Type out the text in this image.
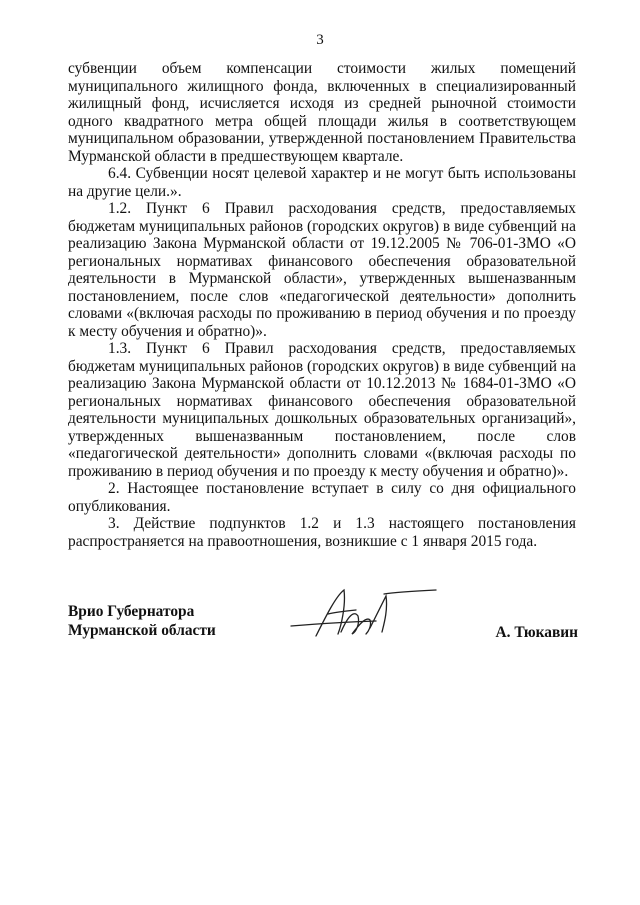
3

субвенции объем компенсации стоимости жилых помещений муниципального жилищного фонда, включенных в специализированный жилищный фонд, исчисляется исходя из средней рыночной стоимости одного квадратного метра общей площади жилья в соответствующем муниципальном образовании, утвержденной постановлением Правительства Мурманской области в предшествующем квартале.

6.4. Субвенции носят целевой характер и не могут быть использованы на другие цели.».

1.2. Пункт 6 Правил расходования средств, предоставляемых бюджетам муниципальных районов (городских округов) в виде субвенций на реализацию Закона Мурманской области от 19.12.2005 № 706-01-ЗМО «О региональных нормативах финансового обеспечения образовательной деятельности в Мурманской области», утвержденных вышеназванным постановлением, после слов «педагогической деятельности» дополнить словами «(включая расходы по проживанию в период обучения и по проезду к месту обучения и обратно)».

1.3. Пункт 6 Правил расходования средств, предоставляемых бюджетам муниципальных районов (городских округов) в виде субвенций на реализацию Закона Мурманской области от 10.12.2013 № 1684-01-ЗМО «О региональных нормативах финансового обеспечения образовательной деятельности муниципальных дошкольных образовательных организаций», утвержденных вышеназванным постановлением, после слов «педагогической деятельности» дополнить словами «(включая расходы по проживанию в период обучения и по проезду к месту обучения и обратно)».

2. Настоящее постановление вступает в силу со дня официального опубликования.

3. Действие подпунктов 1.2 и 1.3 настоящего постановления распространяется на правоотношения, возникшие с 1 января 2015 года.

Врио Губернатора
Мурманской области	А. Тюкавин
